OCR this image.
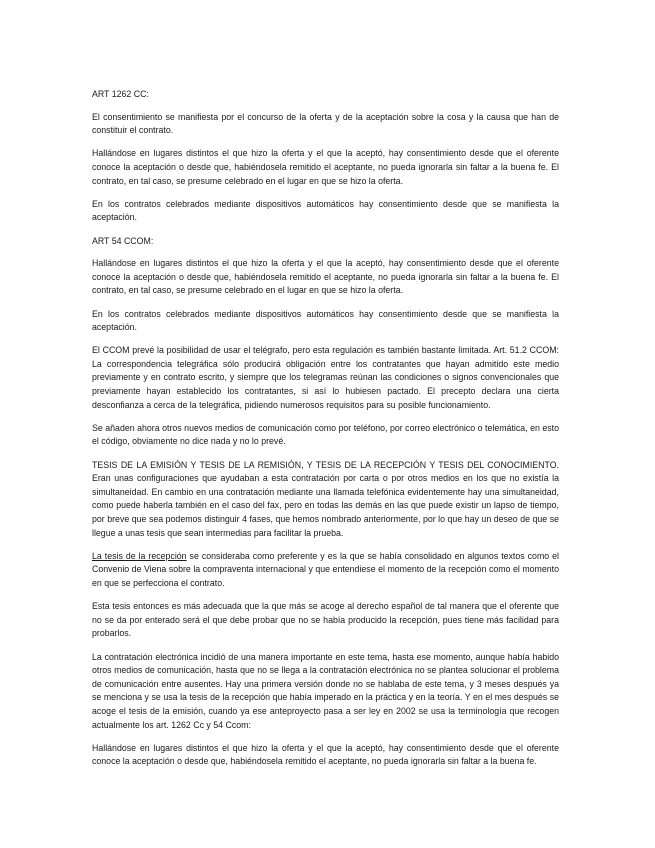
ART 1262 CC:

El consentimiento se manifiesta por el concurso de la oferta y de la aceptación sobre la cosa y la causa que han de constituir el contrato.

Hallándose en lugares distintos el que hizo la oferta y el que la aceptó, hay consentimiento desde que el oferente conoce la aceptación o desde que, habiéndosela remitido el aceptante, no pueda ignorarla sin faltar a la buena fe. El contrato, en tal caso, se presume celebrado en el lugar en que se hizo la oferta.

En los contratos celebrados mediante dispositivos automáticos hay consentimiento desde que se manifiesta la aceptación.

ART 54 CCOM:

Hallándose en lugares distintos el que hizo la oferta y el que la aceptó, hay consentimiento desde que el oferente conoce la aceptación o desde que, habiéndosela remitido el aceptante, no pueda ignorarla sin faltar a la buena fe. El contrato, en tal caso, se presume celebrado en el lugar en que se hizo la oferta.

En los contratos celebrados mediante dispositivos automáticos hay consentimiento desde que se manifiesta la aceptación.

El CCOM prevé la posibilidad de usar el telégrafo, pero esta regulación es también bastante limitada. Art. 51.2 CCOM: La correspondencia telegráfica sólo producirá obligación entre los contratantes que hayan admitido este medio previamente y en contrato escrito, y siempre que los telegramas reúnan las condiciones o signos convencionales que previamente hayan establecido los contratantes, si así lo hubiesen pactado. El precepto declara una cierta desconfianza a cerca de la telegráfica, pidiendo numerosos requisitos para su posible funcionamiento.

Se añaden ahora otros nuevos medios de comunicación como por teléfono, por correo electrónico o telemática, en esto el código, obviamente no dice nada y no lo prevé.

TESIS DE LA EMISIÓN Y TESIS DE LA REMISIÓN, Y TESIS DE LA RECEPCIÓN Y TESIS DEL CONOCIMIENTO. Eran unas configuraciones que ayudaban a esta contratación por carta o por otros medios en los que no existía la simultaneidad. En cambio en una contratación mediante una llamada telefónica evidentemente hay una simultaneidad, como puede haberla también en el caso del fax, pero en todas las demás en las que puede existir un lapso de tiempo, por breve que sea podemos distinguir 4 fases, que hemos nombrado anteriormente, por lo que hay un deseo de que se llegue a unas tesis que sean intermedias para facilitar la prueba.

La tesis de la recepción se consideraba como preferente y es la que se había consolidado en algunos textos como el Convenio de Viena sobre la compraventa internacional y que entendiese el momento de la recepción como el momento en que se perfecciona el contrato.

Esta tesis entonces es más adecuada que la que más se acoge al derecho español de tal manera que el oferente que no se da por enterado será el que debe probar que no se había producido la recepción, pues tiene más facilidad para probarlos.

La contratación electrónica incidió de una manera importante en este tema, hasta ese momento, aunque había habido otros medios de comunicación, hasta que no se llega a la contratación electrónica no se plantea solucionar el problema de comunicación entre ausentes. Hay una primera versión donde no se hablaba de este tema, y 3 meses después ya se menciona y se usa la tesis de la recepción que había imperado en la práctica y en la teoría. Y en el mes después se acoge el tesis de la emisión, cuando ya ese anteproyecto pasa a ser ley en 2002 se usa la terminología que recogen actualmente los art. 1262 Cc y 54 Ccom:

Hallándose en lugares distintos el que hizo la oferta y el que la aceptó, hay consentimiento desde que el oferente conoce la aceptación o desde que, habiéndosela remitido el aceptante, no pueda ignorarla sin faltar a la buena fe.
